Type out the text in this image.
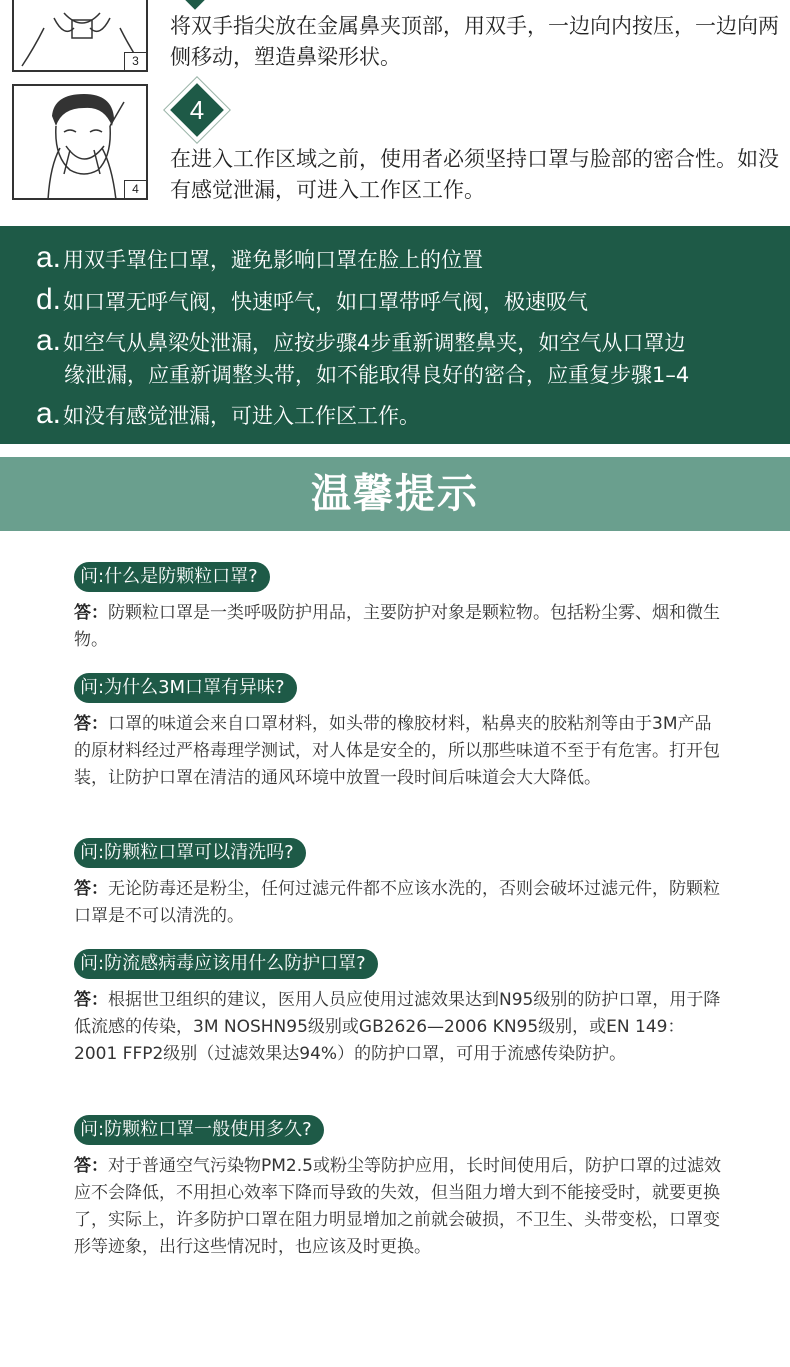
3

将双手指尖放在金属鼻夹顶部，用双手，一边向内按压，一边向两侧移动，塑造鼻梁形状。

4
4

在进入工作区域之前，使用者必须坚持口罩与脸部的密合性。如没有感觉泄漏，可进入工作区工作。

a.用双手罩住口罩，避免影响口罩在脸上的位置
d.如口罩无呼气阀，快速呼气，如口罩带呼气阀，极速吸气
a.如空气从鼻梁处泄漏，应按步骤4步重新调整鼻夹，如空气从口罩边
缘泄漏，应重新调整头带，如不能取得良好的密合，应重复步骤1–4
a.如没有感觉泄漏，可进入工作区工作。
温馨提示
问:什么是防颗粒口罩?

答：防颗粒口罩是一类呼吸防护用品，主要防护对象是颗粒物。包括粉尘雾、烟和微生物。

问:为什么3M口罩有异味?

答：口罩的味道会来自口罩材料，如头带的橡胶材料，粘鼻夹的胶粘剂等由于3M产品的原材料经过严格毒理学测试，对人体是安全的，所以那些味道不至于有危害。打开包装，让防护口罩在清洁的通风环境中放置一段时间后味道会大大降低。

问:防颗粒口罩可以清洗吗?

答：无论防毒还是粉尘，任何过滤元件都不应该水洗的，否则会破坏过滤元件，防颗粒口罩是不可以清洗的。

问:防流感病毒应该用什么防护口罩?

答：根据世卫组织的建议，医用人员应使用过滤效果达到N95级别的防护口罩，用于降低流感的传染，3M NOSHN95级别或GB2626—2006 KN95级别，或EN 149：2001 FFP2级别（过滤效果达94%）的防护口罩，可用于流感传染防护。

问:防颗粒口罩一般使用多久?

答：对于普通空气污染物PM2.5或粉尘等防护应用，长时间使用后，防护口罩的过滤效应不会降低，不用担心效率下降而导致的失效，但当阻力增大到不能接受时，就要更换了，实际上，许多防护口罩在阻力明显增加之前就会破损，不卫生、头带变松，口罩变形等迹象，出行这些情况时，也应该及时更换。
